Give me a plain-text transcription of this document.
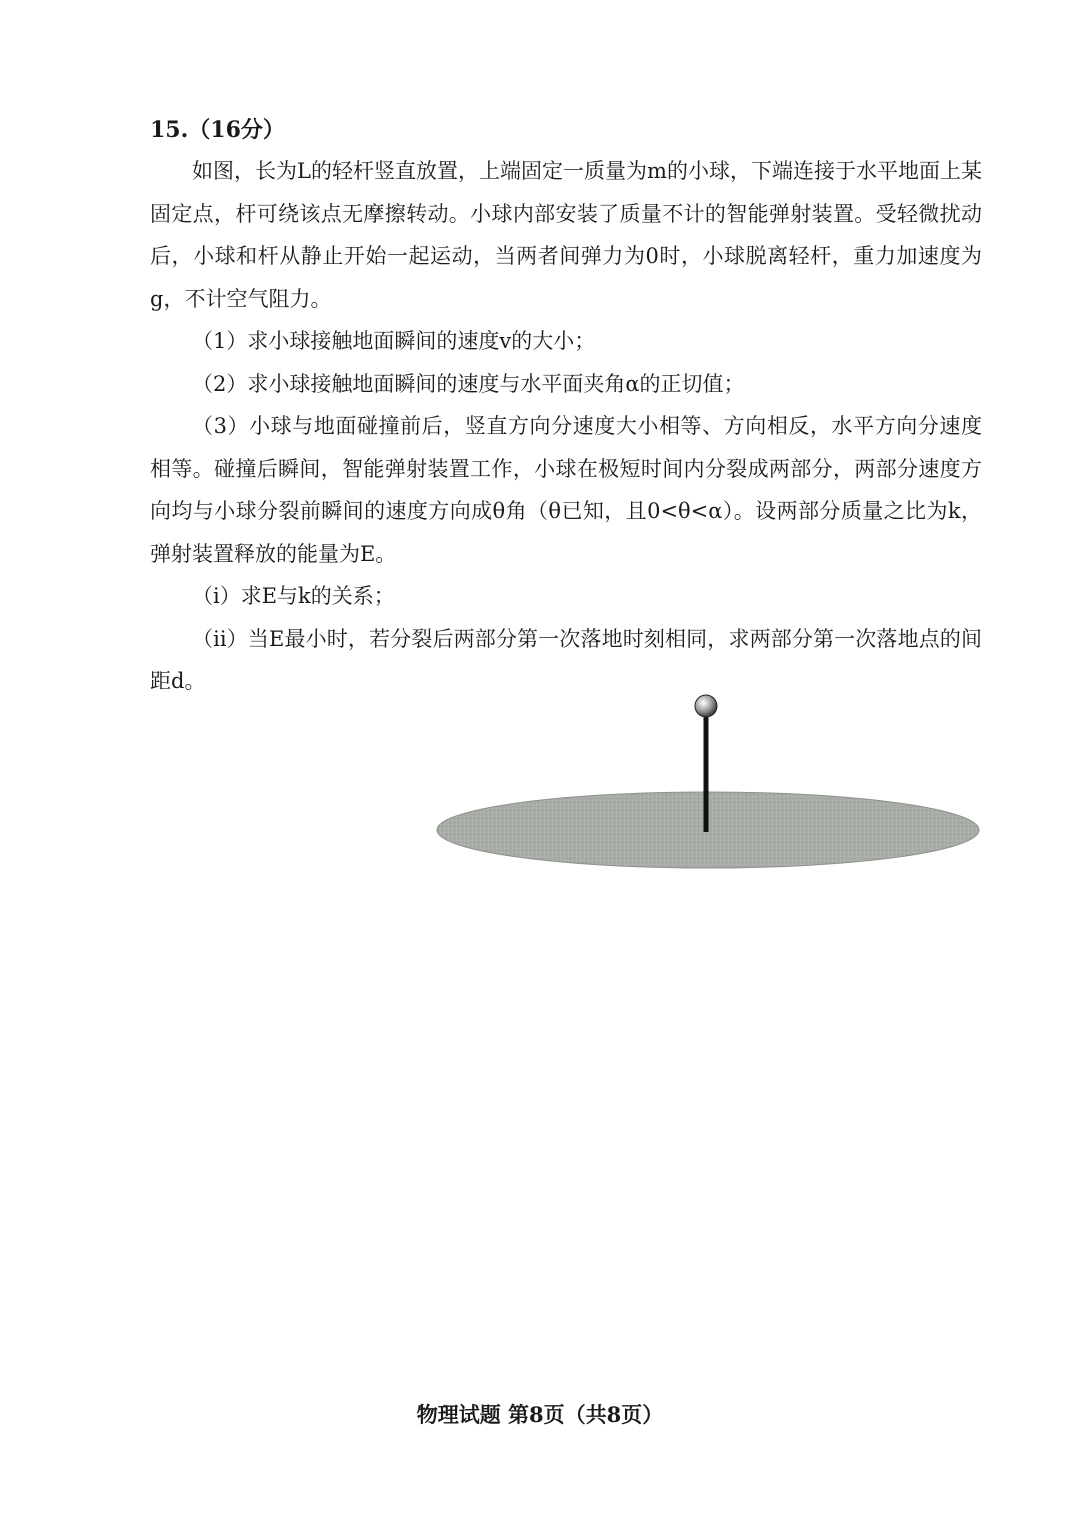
15.（16分）

如图，长为L的轻杆竖直放置，上端固定一质量为m的小球，下端连接于水平地面上某固定点，杆可绕该点无摩擦转动。小球内部安装了质量不计的智能弹射装置。受轻微扰动后，小球和杆从静止开始一起运动，当两者间弹力为0时，小球脱离轻杆，重力加速度为g，不计空气阻力。

（1）求小球接触地面瞬间的速度v的大小；

（2）求小球接触地面瞬间的速度与水平面夹角α的正切值；

（3）小球与地面碰撞前后，竖直方向分速度大小相等、方向相反，水平方向分速度相等。碰撞后瞬间，智能弹射装置工作，小球在极短时间内分裂成两部分，两部分速度方向均与小球分裂前瞬间的速度方向成θ角（θ已知，且0<θ<α）。设两部分质量之比为k，弹射装置释放的能量为E。

（i）求E与k的关系；

（ii）当E最小时，若分裂后两部分第一次落地时刻相同，求两部分第一次落地点的间距d。

物理试题 第8页（共8页）
